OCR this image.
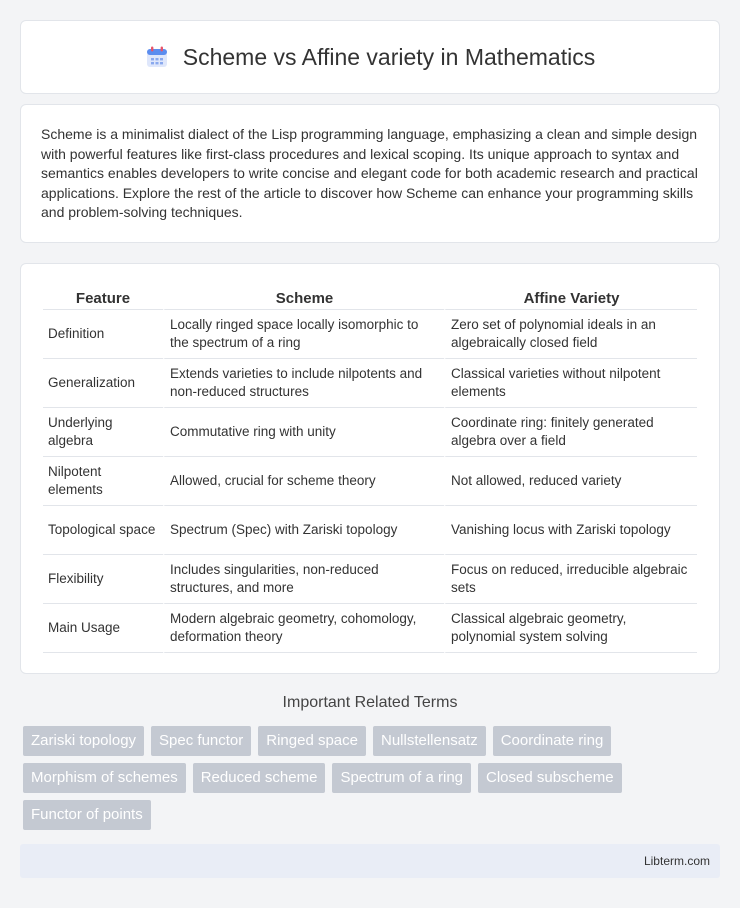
Scheme vs Affine variety in Mathematics

Scheme is a minimalist dialect of the Lisp programming language, emphasizing a clean and simple design with powerful features like first-class procedures and lexical scoping. Its unique approach to syntax and semantics enables developers to write concise and elegant code for both academic research and practical applications. Explore the rest of the article to discover how Scheme can enhance your programming skills and problem-solving techniques.

Feature	Scheme	Affine Variety
Definition	Locally ringed space locally isomorphic to the spectrum of a ring	Zero set of polynomial ideals in an algebraically closed field
Generalization	Extends varieties to include nilpotents and non-reduced structures	Classical varieties without nilpotent elements
Underlying algebra	Commutative ring with unity	Coordinate ring: finitely generated algebra over a field
Nilpotent elements	Allowed, crucial for scheme theory	Not allowed, reduced variety
Topological space	Spectrum (Spec) with Zariski topology	Vanishing locus with Zariski topology
Flexibility	Includes singularities, non-reduced structures, and more	Focus on reduced, irreducible algebraic sets
Main Usage	Modern algebraic geometry, cohomology, deformation theory	Classical algebraic geometry, polynomial system solving
Important Related Terms
Zariski topology	Spec functor	Ringed space	Nullstellensatz	Coordinate ring
Morphism of schemes	Reduced scheme	Spectrum of a ring	Closed subscheme
Functor of points
Libterm.com
